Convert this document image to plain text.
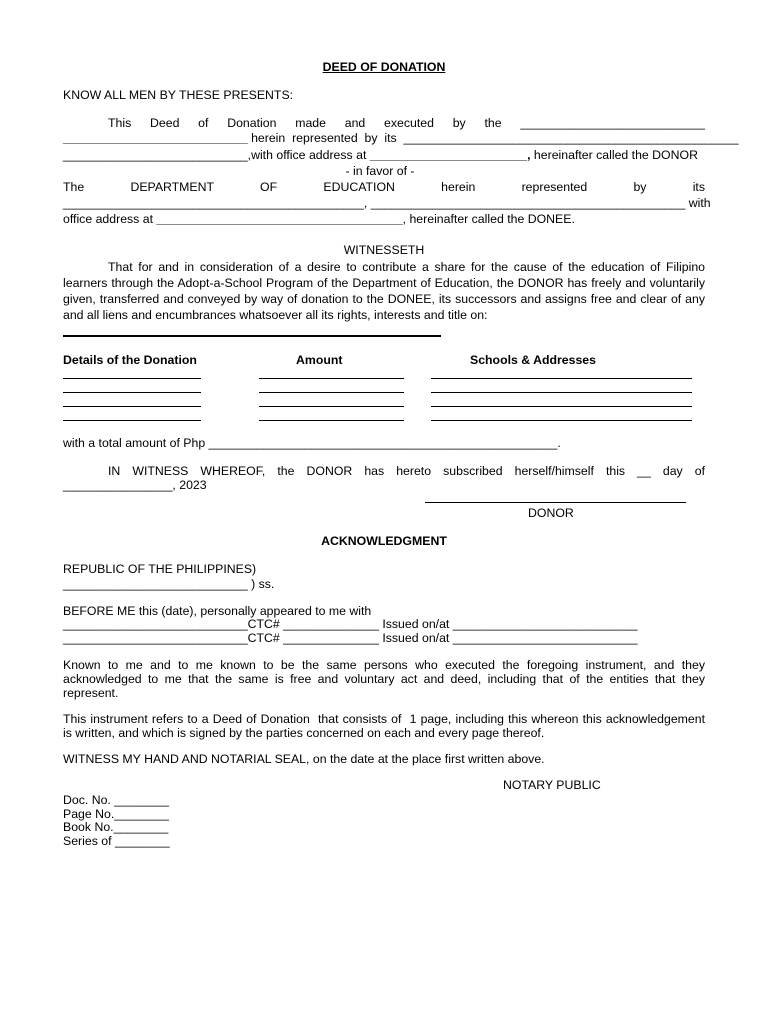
DEED OF DONATION
KNOW ALL MEN BY THESE PRESENTS:
This  Deed  of  Donation  made  and  executed  by  the  ___________________________
___________________________ herein  represented  by  its  _________________________________________________
___________________________,with office address at _______________________, hereinafter called the DONOR
- in favor of -
The DEPARTMENT OF EDUCATION herein represented by its
____________________________________________, ______________________________________________ with
office address at ____________________________________, hereinafter called the DONEE.
WITNESSETH
That for and in consideration of a desire to contribute a share for the cause of the education of Filipino
learners through the Adopt-a-School Program of the Department of Education, the DONOR has freely and voluntarily
given, transferred and conveyed by way of donation to the DONEE, its successors and assigns free and clear of any
and all liens and encumbrances whatsoever all its rights, interests and title on:
Details of the Donation	Amount	Schools & Addresses
with a total amount of Php ___________________________________________________.
IN  WITNESS  WHEREOF,  the  DONOR  has  hereto  subscribed  herself/himself  this  __  day  of
________________, 2023
DONOR
ACKNOWLEDGMENT
REPUBLIC OF THE PHILIPPINES)
___________________________ ) ss.
BEFORE ME this (date), personally appeared to me with
___________________________CTC# ______________ Issued on/at ___________________________
___________________________CTC# ______________ Issued on/at ___________________________
Known to me and to me known to be the same persons who executed the foregoing instrument, and they
acknowledged to me that the same is free and voluntary act and deed, including that of the entities that they
represent.
This instrument refers to a Deed of Donation  that consists of  1 page, including this whereon this acknowledgement
is written, and which is signed by the parties concerned on each and every page thereof.
WITNESS MY HAND AND NOTARIAL SEAL, on the date at the place first written above.
NOTARY PUBLIC
Doc. No. ________
Page No.________
Book No.________
Series of ________
